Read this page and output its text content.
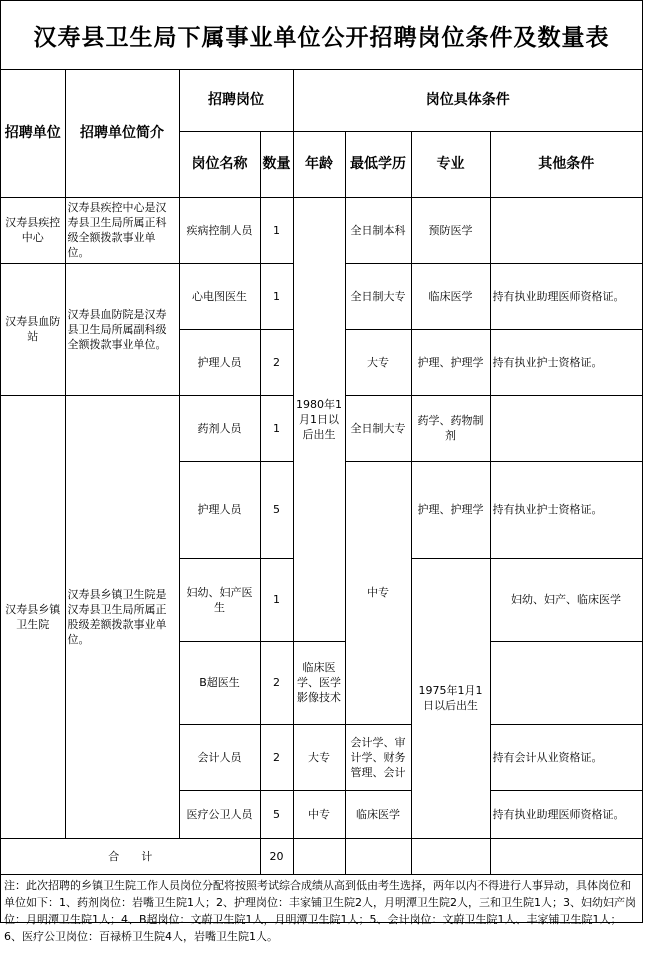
汉寿县卫生局下属事业单位公开招聘岗位条件及数量表
招聘单位	招聘单位简介	招聘岗位		岗位具体条件				
		岗位名称	数量	年龄	最低学历	专业	其他条件	
汉寿县疾控中心	汉寿县疾控中心是汉寿县卫生局所属正科级全额拨款事业单位。	疾病控制人员	1	1980年1月1日以后出生	全日制本科	预防医学		
汉寿县血防站	汉寿县血防院是汉寿县卫生局所属副科级全额拨款事业单位。	心电图医生	1		全日制大专	临床医学	持有执业助理医师资格证。	
		护理人员	2		大专	护理、护理学	持有执业护士资格证。	
汉寿县乡镇卫生院	汉寿县乡镇卫生院是汉寿县卫生局所属正股级差额拨款事业单位。	药剂人员	1		全日制大专	药学、药物制剂		
		护理人员	5		中专	护理、护理学	持有执业护士资格证。	
		妇幼、妇产医生	1			1975年1月1日以后出生	妇幼、妇产、临床医学	
		B超医生	2	临床医学、医学影像技术				
		会计人员	2	大专	会计学、审计学、财务管理、会计		持有会计从业资格证。	
		医疗公卫人员	5	中专	临床医学		持有执业助理医师资格证。	
合　　计			20					
注：此次招聘的乡镇卫生院工作人员岗位分配将按照考试综合成绩从高到低由考生选择，两年以内不得进行人事异动，具体岗位和单位如下：1、药剂岗位：岩嘴卫生院1人；2、护理岗位：丰家铺卫生院2人，月明潭卫生院2人，三和卫生院1人；3、妇幼妇产岗位：月明潭卫生院1人；4、B超岗位：文蔚卫生院1人，月明潭卫生院1人；5、会计岗位：文蔚卫生院1人、丰家铺卫生院1人；6、医疗公卫岗位：百禄桥卫生院4人，岩嘴卫生院1人。								
